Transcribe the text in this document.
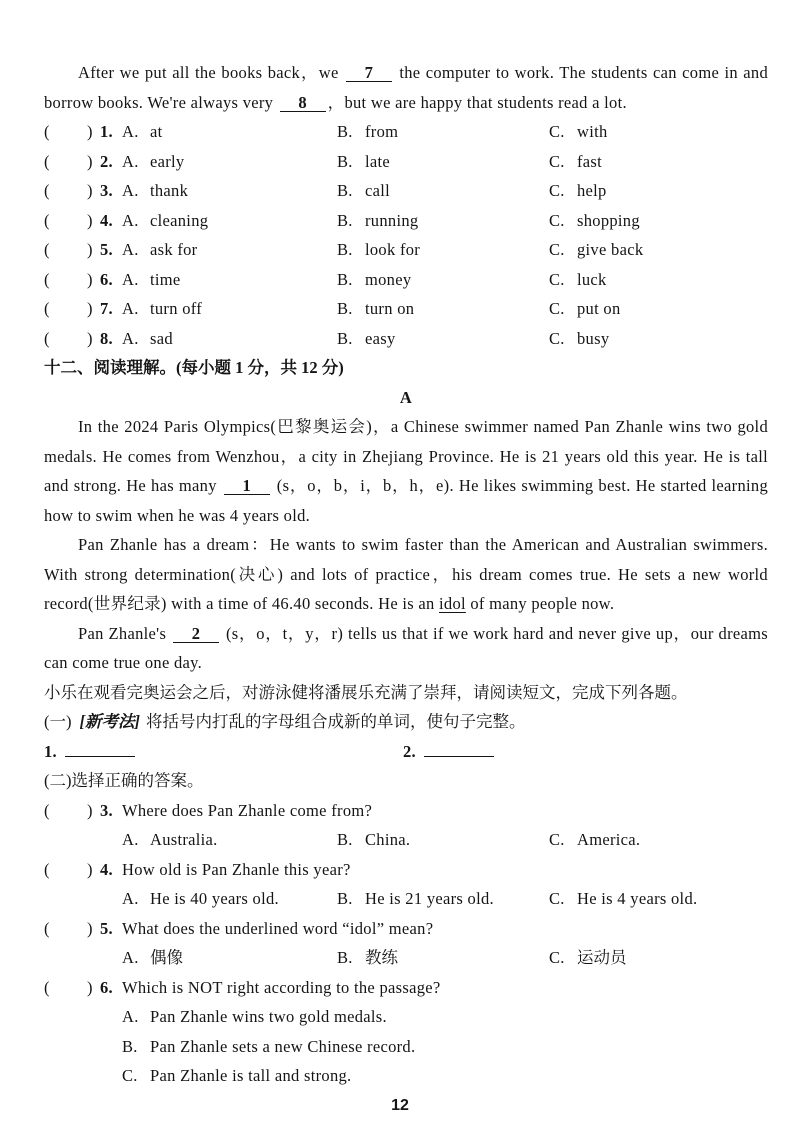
After we put all the books back，we 7 the computer to work. The students can come in and borrow books. We're always very 8 ，but we are happy that students read a lot.

( ) 1. A. at	B. from	C. with
( ) 2. A. early	B. late	C. fast
( ) 3. A. thank	B. call	C. help
( ) 4. A. cleaning	B. running	C. shopping
( ) 5. A. ask for	B. look for	C. give back
( ) 6. A. time	B. money	C. luck
( ) 7. A. turn off	B. turn on	C. put on
( ) 8. A. sad	B. easy	C. busy
十二、阅读理解。(每小题 1 分，共 12 分)
A

In the 2024 Paris Olympics(巴黎奥运会)，a Chinese swimmer named Pan Zhanle wins two gold medals. He comes from Wenzhou，a city in Zhejiang Province. He is 21 years old this year. He is tall and strong. He has many 1 (s，o，b，i，b，h，e). He likes swimming best. He started learning how to swim when he was 4 years old.

Pan Zhanle has a dream：He wants to swim faster than the American and Australian swimmers. With strong determination(决心) and lots of practice，his dream comes true. He sets a new world record(世界纪录) with a time of 46.40 seconds. He is an idol of many people now.

Pan Zhanle's 2 (s，o，t，y，r) tells us that if we work hard and never give up，our dreams can come true one day.

小乐在观看完奥运会之后，对游泳健将潘展乐充满了崇拜，请阅读短文，完成下列各题。
(一) [新考法] 将括号内打乱的字母组合成新的单词，使句子完整。
1.	2.
(二)选择正确的答案。
( ) 3. Where does Pan Zhanle come from?
A. Australia.	B. China.	C. America.
( ) 4. How old is Pan Zhanle this year?
A. He is 40 years old.	B. He is 21 years old.	C. He is 4 years old.
( ) 5. What does the underlined word “idol” mean?
A. 偶像	B. 教练	C. 运动员
( ) 6. Which is NOT right according to the passage?
A. Pan Zhanle wins two gold medals.
B. Pan Zhanle sets a new Chinese record.
C. Pan Zhanle is tall and strong.
12
